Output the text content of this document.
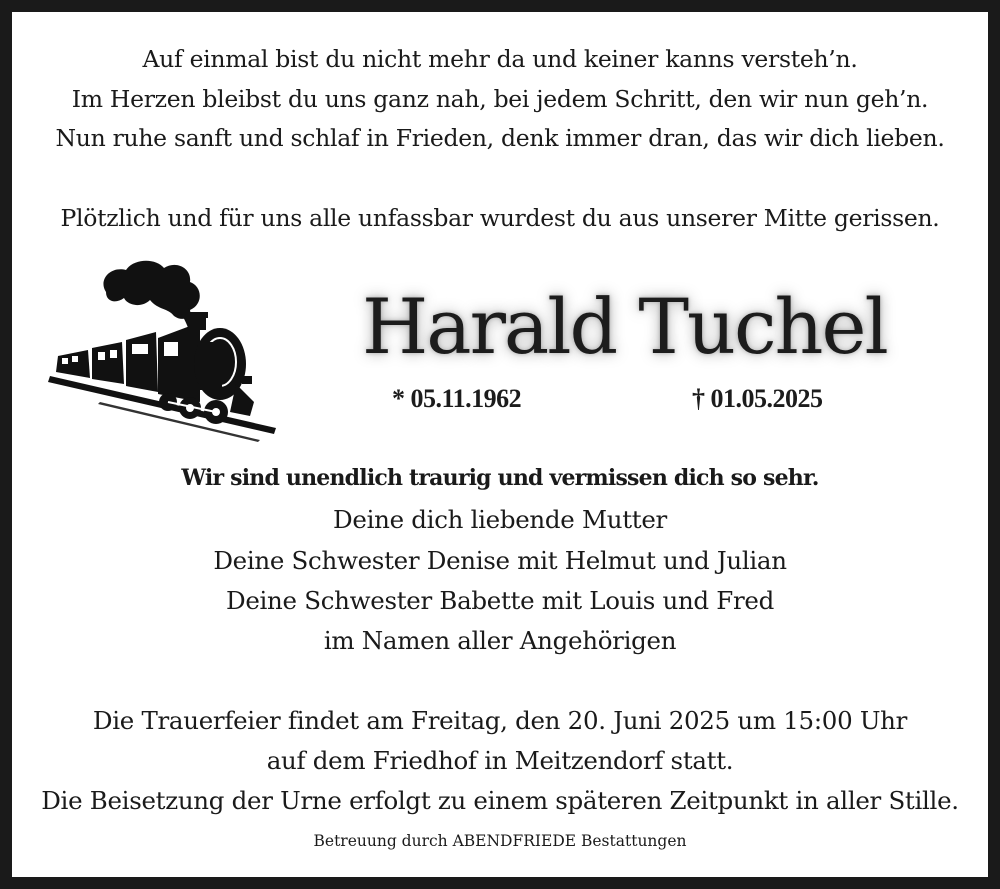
Auf einmal bist du nicht mehr da und keiner kanns versteh’n.
Im Herzen bleibst du uns ganz nah, bei jedem Schritt, den wir nun geh’n.
Nun ruhe sanft und schlaf in Frieden, denk immer dran, das wir dich lieben.
Plötzlich und für uns alle unfassbar wurdest du aus unserer Mitte gerissen.
Harald Tuchel
* 05.11.1962	† 01.05.2025
Wir sind unendlich traurig und vermissen dich so sehr.
Deine dich liebende Mutter
Deine Schwester Denise mit Helmut und Julian
Deine Schwester Babette mit Louis und Fred
im Namen aller Angehörigen
Die Trauerfeier findet am Freitag, den 20. Juni 2025 um 15:00 Uhr
auf dem Friedhof in Meitzendorf statt.
Die Beisetzung der Urne erfolgt zu einem späteren Zeitpunkt in aller Stille.
Betreuung durch ABENDFRIEDE Bestattungen
